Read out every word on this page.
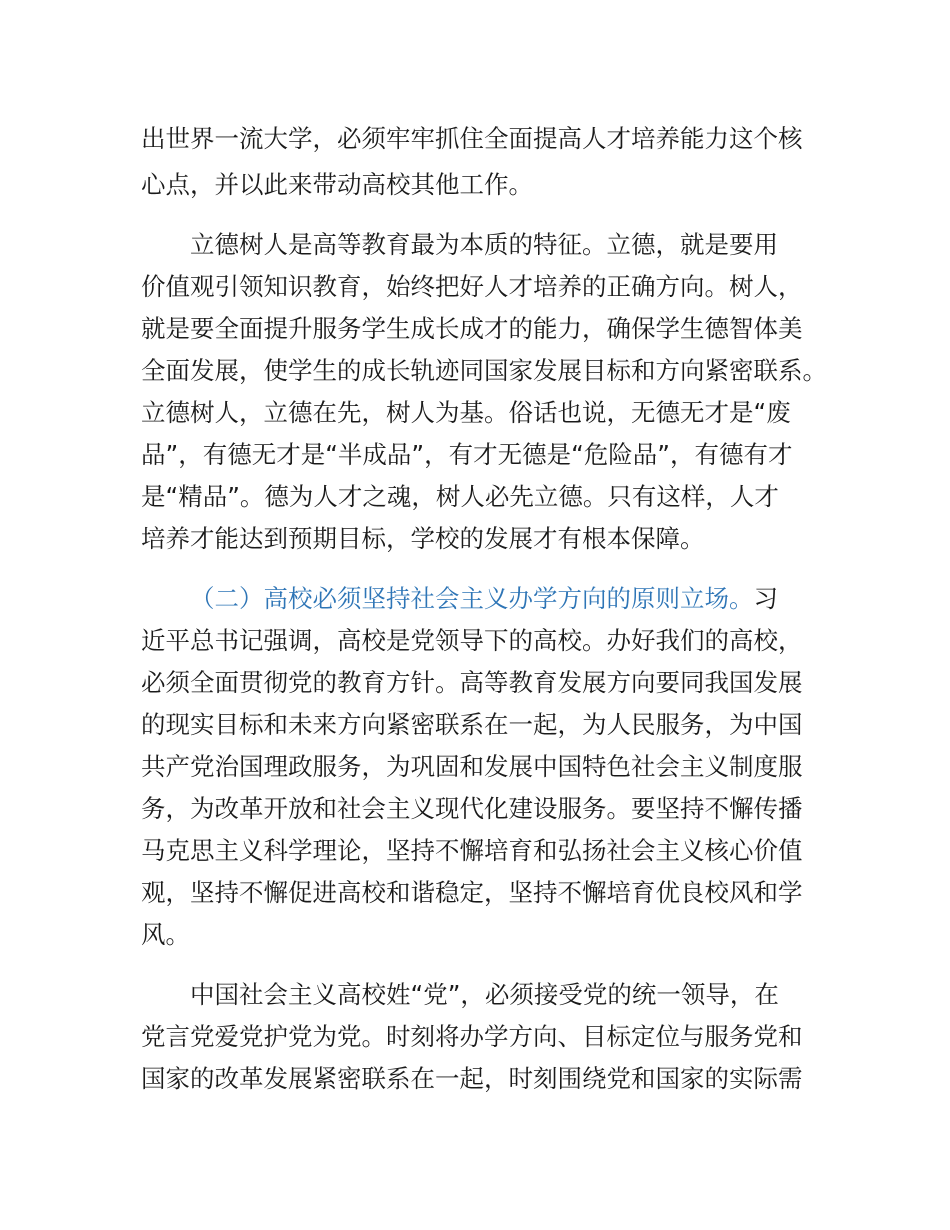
出世界一流大学，必须牢牢抓住全面提高人才培养能力这个核
心点，并以此来带动高校其他工作。
立德树人是高等教育最为本质的特征。立德，就是要用
价值观引领知识教育，始终把好人才培养的正确方向。树人，
就是要全面提升服务学生成长成才的能力，确保学生德智体美
全面发展，使学生的成长轨迹同国家发展目标和方向紧密联系。
立德树人，立德在先，树人为基。俗话也说，无德无才是“废
品”，有德无才是“半成品”，有才无德是“危险品”，有德有才
是“精品”。德为人才之魂，树人必先立德。只有这样，人才
培养才能达到预期目标，学校的发展才有根本保障。
（二）高校必须坚持社会主义办学方向的原则立场。习
近平总书记强调，高校是党领导下的高校。办好我们的高校，
必须全面贯彻党的教育方针。高等教育发展方向要同我国发展
的现实目标和未来方向紧密联系在一起，为人民服务，为中国
共产党治国理政服务，为巩固和发展中国特色社会主义制度服
务，为改革开放和社会主义现代化建设服务。要坚持不懈传播
马克思主义科学理论，坚持不懈培育和弘扬社会主义核心价值
观，坚持不懈促进高校和谐稳定，坚持不懈培育优良校风和学
风。
中国社会主义高校姓“党”，必须接受党的统一领导，在
党言党爱党护党为党。时刻将办学方向、目标定位与服务党和
国家的改革发展紧密联系在一起，时刻围绕党和国家的实际需
